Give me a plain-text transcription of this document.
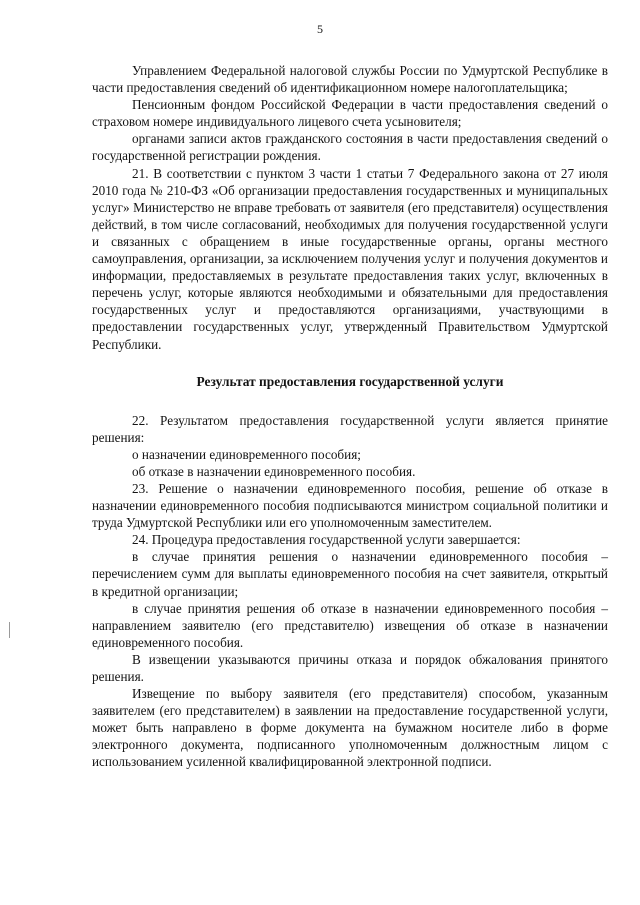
5

Управлением Федеральной налоговой службы России по Удмуртской Республике в части предоставления сведений об идентификационном номере налогоплательщика;

Пенсионным фондом Российской Федерации в части предоставления сведений о страховом номере индивидуального лицевого счета усыновителя;

органами записи актов гражданского состояния в части предоставления сведений о государственной регистрации рождения.

21. В соответствии с пунктом 3 части 1 статьи 7 Федерального закона от 27 июля 2010 года № 210-ФЗ «Об организации предоставления государственных и муниципальных услуг» Министерство не вправе требовать от заявителя (его представителя) осуществления действий, в том числе согласований, необходимых для получения государственной услуги и связанных с обращением в иные государственные органы, органы местного самоуправления, организации, за исключением получения услуг и получения документов и информации, предоставляемых в результате предоставления таких услуг, включенных в перечень услуг, которые являются необходимыми и обязательными для предоставления государственных услуг и предоставляются организациями, участвующими в предоставлении государственных услуг, утвержденный Правительством Удмуртской Республики.

Результат предоставления государственной услуги

22. Результатом предоставления государственной услуги является принятие решения:

о назначении единовременного пособия;

об отказе в назначении единовременного пособия.

23. Решение о назначении единовременного пособия, решение об отказе в назначении единовременного пособия подписываются министром социальной политики и труда Удмуртской Республики или его уполномоченным заместителем.

24. Процедура предоставления государственной услуги завершается:

в случае принятия решения о назначении единовременного пособия – перечислением сумм для выплаты единовременного пособия на счет заявителя, открытый в кредитной организации;

в случае принятия решения об отказе в назначении единовременного пособия – направлением заявителю (его представителю) извещения об отказе в назначении единовременного пособия.

В извещении указываются причины отказа и порядок обжалования принятого решения.

Извещение по выбору заявителя (его представителя) способом, указанным заявителем (его представителем) в заявлении на предоставление государственной услуги, может быть направлено в форме документа на бумажном носителе либо в форме электронного документа, подписанного уполномоченным должностным лицом с использованием усиленной квалифицированной электронной подписи.
